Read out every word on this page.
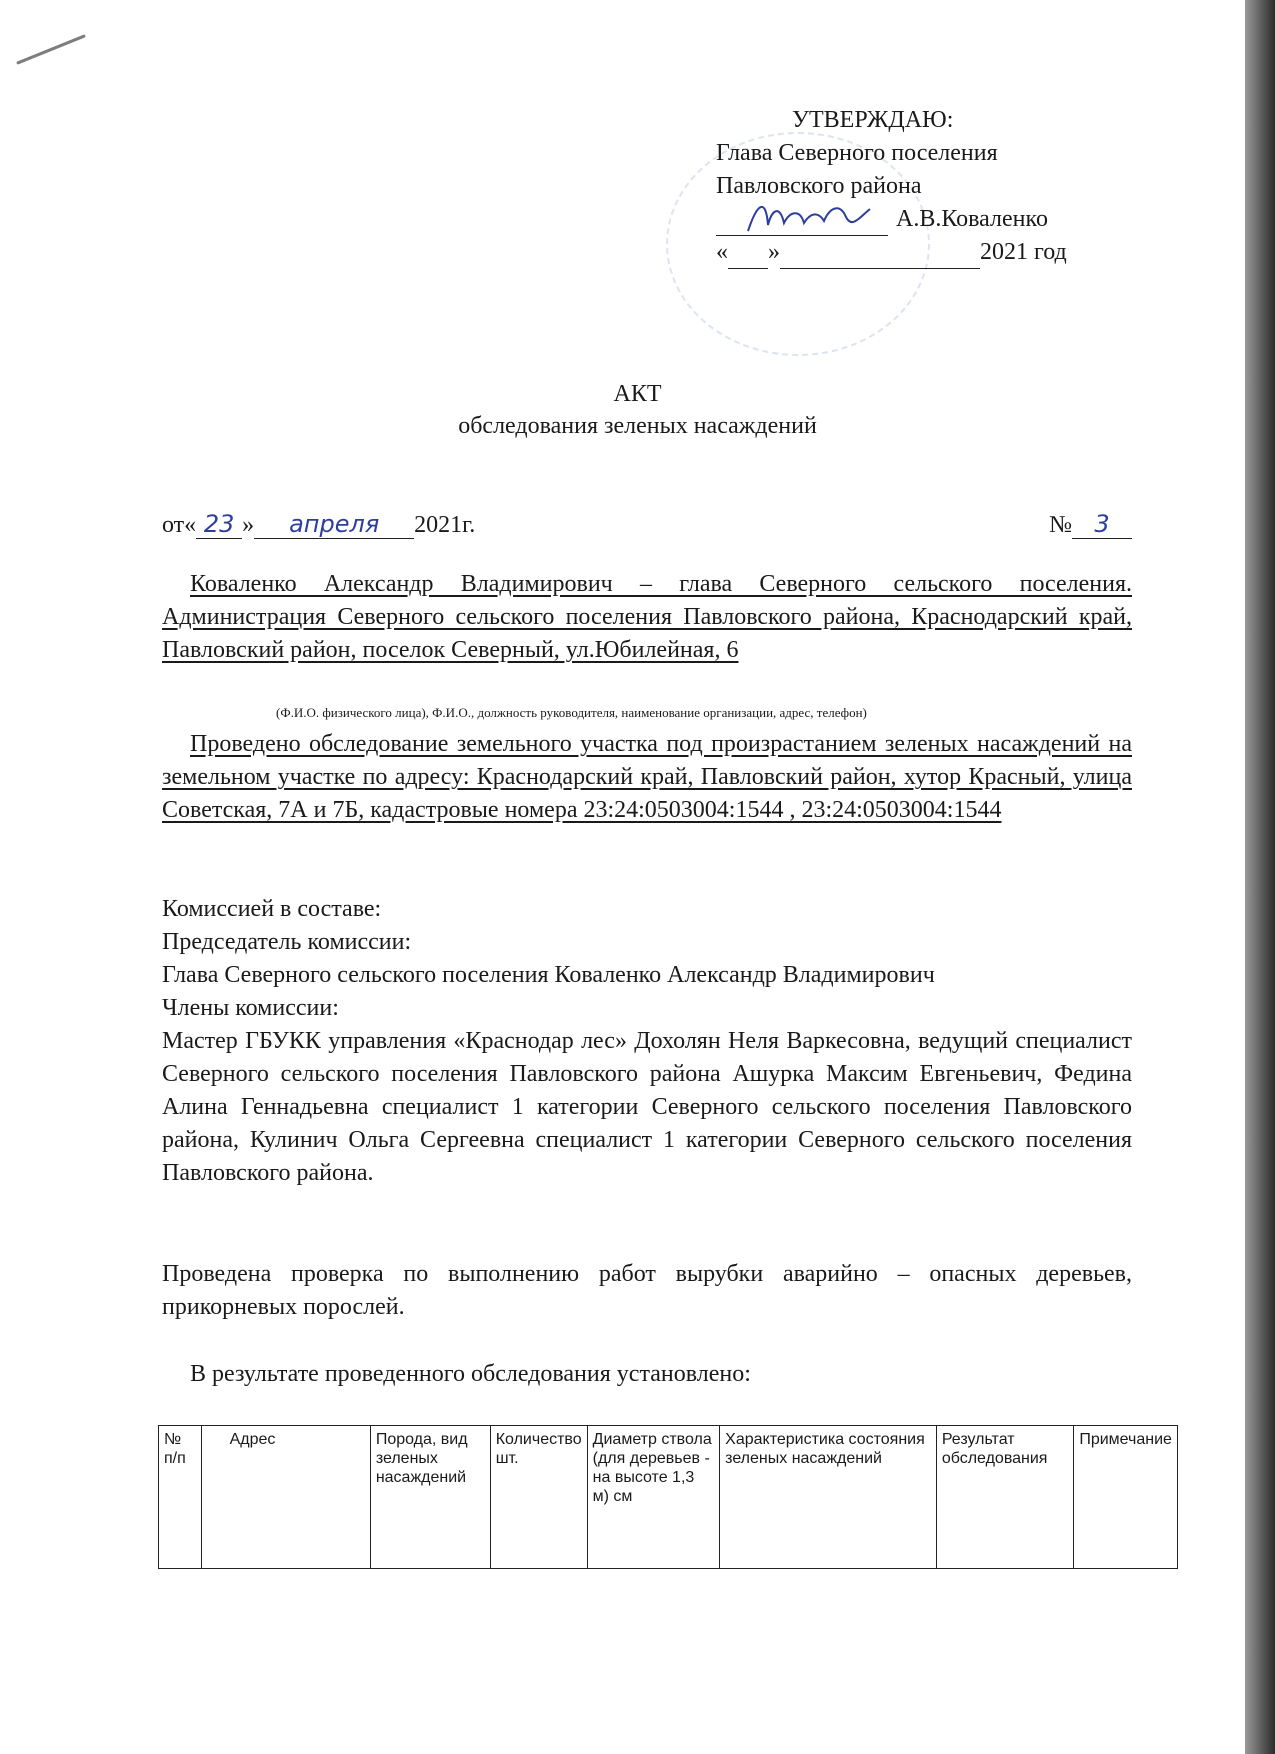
УТВЕРЖДАЮ:
Глава Северного поселения
Павловского района
А.В.Коваленко
« »	2021 год
АКТ
обследования зеленых насаждений
от« 23 » апреля 2021г.	№ 3
Коваленко Александр Владимирович – глава Северного сельского поселения. Администрация Северного сельского поселения Павловского района, Краснодарский край, Павловский район, поселок Северный, ул.Юбилейная, 6
(Ф.И.О. физического лица), Ф.И.О., должность руководителя, наименование организации, адрес, телефон)
Проведено обследование земельного участка под произрастанием зеленых насаждений на земельном участке по адресу: Краснодарский край, Павловский район, хутор Красный, улица Советская, 7А и 7Б, кадастровые номера 23:24:0503004:1544 , 23:24:0503004:1544
Комиссией в составе:
Председатель комиссии:
Глава Северного сельского поселения Коваленко Александр Владимирович
Члены комиссии:
Мастер ГБУКК управления «Краснодар лес» Дохолян Неля Варкесовна, ведущий специалист Северного сельского поселения Павловского района Ашурка Максим Евгеньевич, Федина Алина Геннадьевна специалист 1 категории Северного сельского поселения Павловского района, Кулинич Ольга Сергеевна специалист 1 категории Северного сельского поселения Павловского района.
Проведена проверка по выполнению работ вырубки аварийно – опасных деревьев, прикорневых порослей.
В результате проведенного обследования установлено:
№ п/п	Адрес	Порода, вид зеленых насаждений	Количество шт.	Диаметр ствола (для деревьев - на высоте 1,3 м) см	Характеристика состояния зеленых насаждений	Результат обследования	Примечание
